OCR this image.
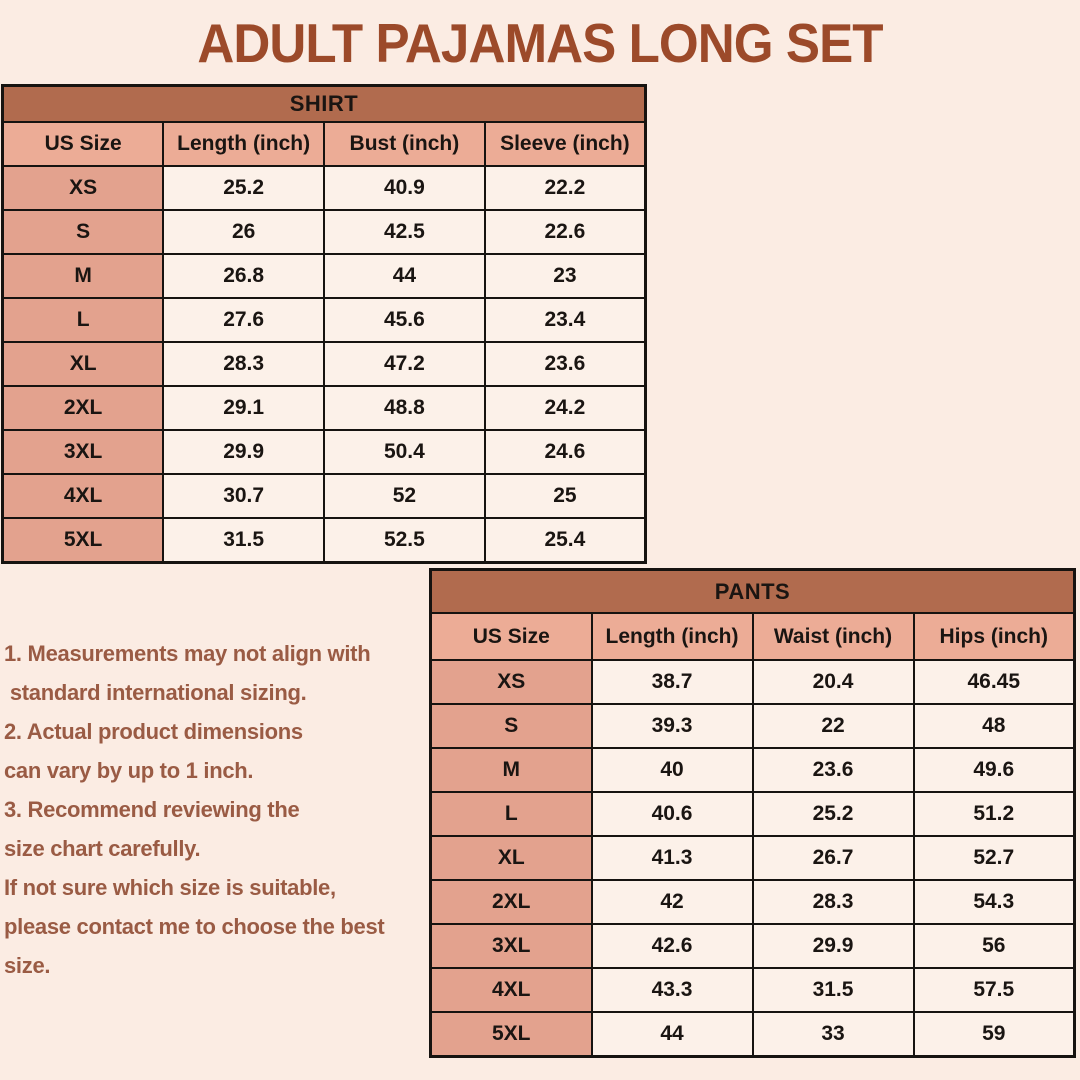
ADULT PAJAMAS LONG SET
SHIRT			
US Size	Length (inch)	Bust (inch)	Sleeve (inch)
XS	25.2	40.9	22.2
S	26	42.5	22.6
M	26.8	44	23
L	27.6	45.6	23.4
XL	28.3	47.2	23.6
2XL	29.1	48.8	24.2
3XL	29.9	50.4	24.6
4XL	30.7	52	25
5XL	31.5	52.5	25.4

1. Measurements may not align with

standard international sizing.

2. Actual product dimensions

can vary by up to 1 inch.

3. Recommend reviewing the

size chart carefully.

If not sure which size is suitable,

please contact me to choose the best size.

PANTS			
US Size	Length (inch)	Waist (inch)	Hips (inch)
XS	38.7	20.4	46.45
S	39.3	22	48
M	40	23.6	49.6
L	40.6	25.2	51.2
XL	41.3	26.7	52.7
2XL	42	28.3	54.3
3XL	42.6	29.9	56
4XL	43.3	31.5	57.5
5XL	44	33	59
